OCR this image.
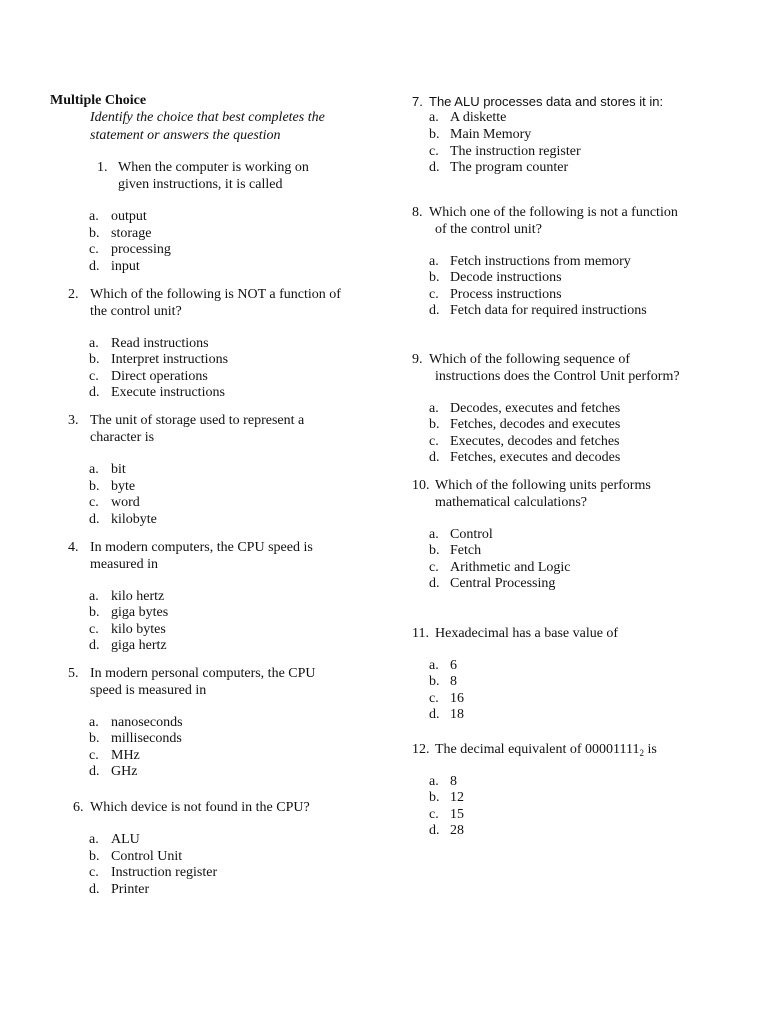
Multiple Choice
Identify the choice that best completes the
statement or answers the question
1. When the computer is working on
given instructions, it is called
a. output
b. storage
c. processing
d. input
2. Which of the following is NOT a function of
the control unit?
a. Read instructions
b. Interpret instructions
c. Direct operations
d. Execute instructions
3. The unit of storage used to represent a
character is
a. bit
b. byte
c. word
d. kilobyte
4. In modern computers, the CPU speed is
measured in
a. kilo hertz
b. giga bytes
c. kilo bytes
d. giga hertz
5. In modern personal computers, the CPU
speed is measured in
a. nanoseconds
b. milliseconds
c. MHz
d. GHz
6. Which device is not found in the CPU?
a. ALU
b. Control Unit
c. Instruction register
d. Printer
7. The ALU processes data and stores it in:
a. A diskette
b. Main Memory
c. The instruction register
d. The program counter
8. Which one of the following is not a function
of the control unit?
a. Fetch instructions from memory
b. Decode instructions
c. Process instructions
d. Fetch data for required instructions
9. Which of the following sequence of
instructions does the Control Unit perform?
a. Decodes, executes and fetches
b. Fetches, decodes and executes
c. Executes, decodes and fetches
d. Fetches, executes and decodes
10. Which of the following units performs
mathematical calculations?
a. Control
b. Fetch
c. Arithmetic and Logic
d. Central Processing
11. Hexadecimal has a base value of
a. 6
b. 8
c. 16
d. 18
12. The decimal equivalent of $00001111_2$ is
a. 8
b. 12
c. 15
d. 28
